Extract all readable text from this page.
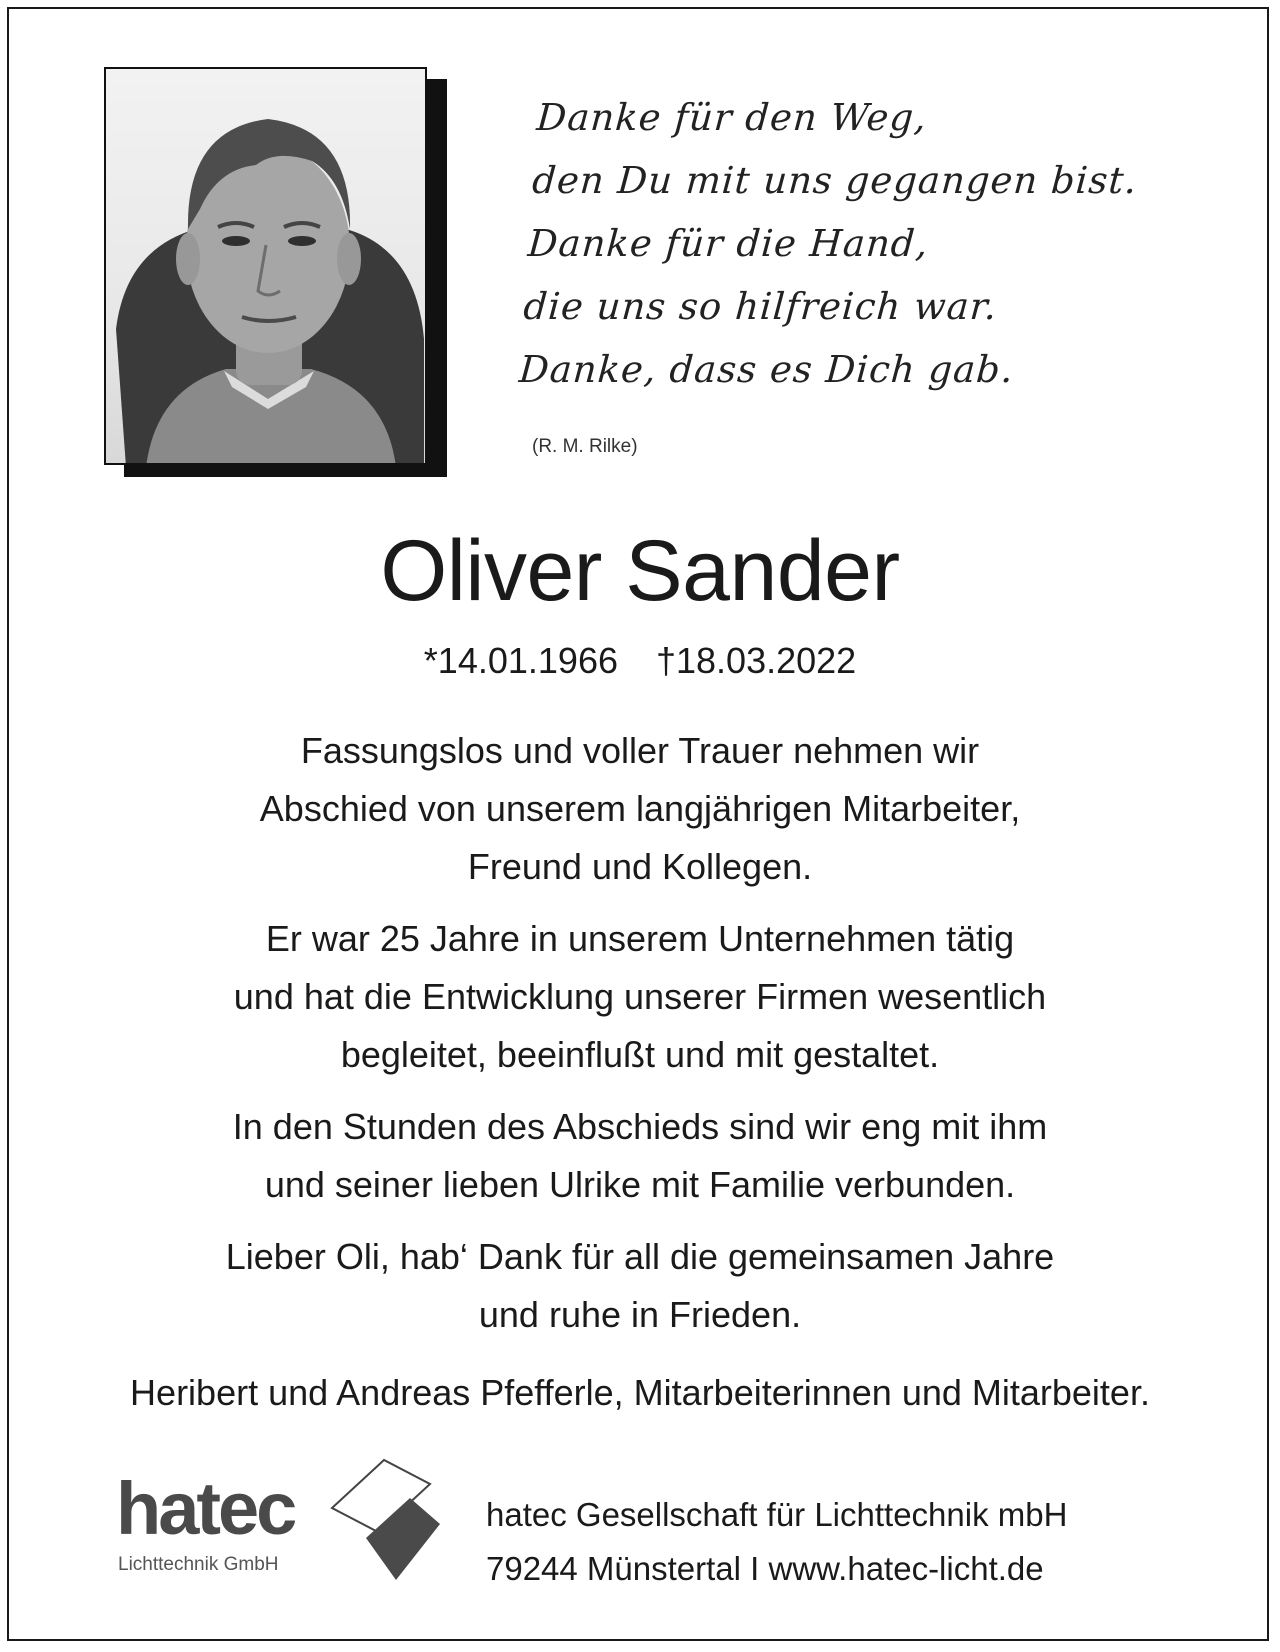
Danke für den Weg,
den Du mit uns gegangen bist.
Danke für die Hand,
die uns so hilfreich war.
Danke, dass es Dich gab.
(R. M. Rilke)
Oliver Sander
*14.01.1966 †18.03.2022
Fassungslos und voller Trauer nehmen wir
Abschied von unserem langjährigen Mitarbeiter,
Freund und Kollegen.
Er war 25 Jahre in unserem Unternehmen tätig
und hat die Entwicklung unserer Firmen wesentlich
begleitet, beeinflußt und mit gestaltet.
In den Stunden des Abschieds sind wir eng mit ihm
und seiner lieben Ulrike mit Familie verbunden.
Lieber Oli, hab‘ Dank für all die gemeinsamen Jahre
und ruhe in Frieden.
Heribert und Andreas Pfefferle, Mitarbeiterinnen und Mitarbeiter.
hatec
Lichttechnik GmbH
hatec Gesellschaft für Lichttechnik mbH
79244 Münstertal I www.hatec-licht.de
